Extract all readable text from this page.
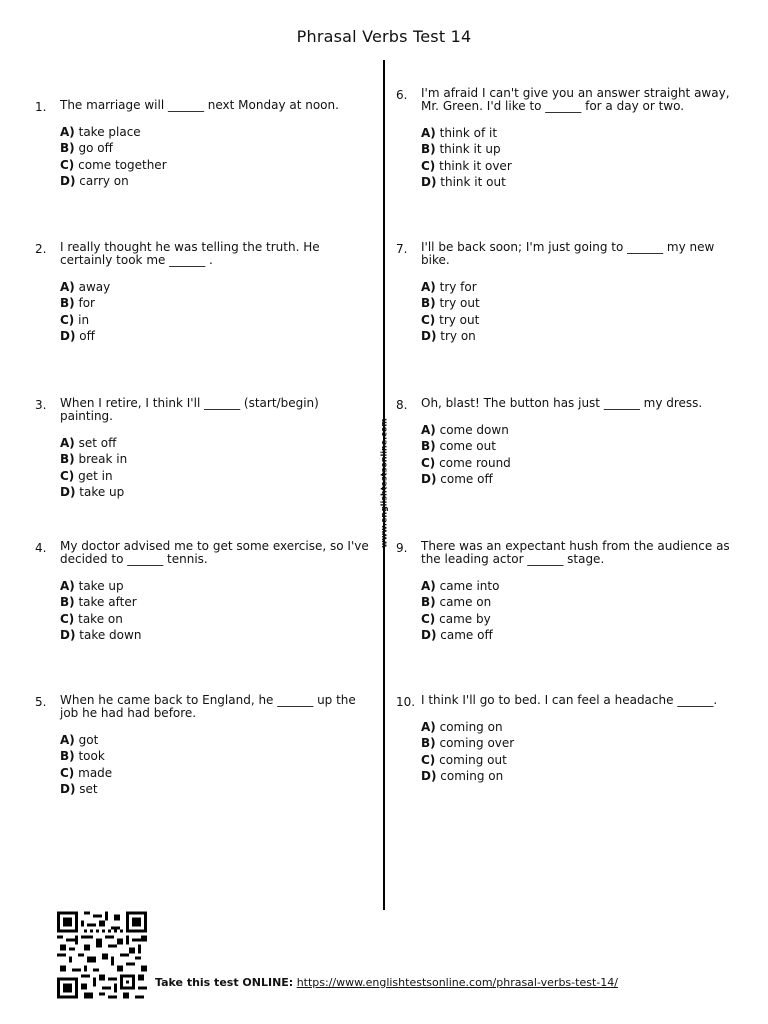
Phrasal Verbs Test 14
www.englishtestsonline.com
1. The marriage will ______ next Monday at noon.

A) take place
B) go off
C) come together
D) carry on
2. I really thought he was telling the truth. He certainly took me ______ .

A) away
B) for
C) in
D) off
3. When I retire, I think I'll ______ (start/begin) painting.

A) set off
B) break in
C) get in
D) take up
4. My doctor advised me to get some exercise, so I've decided to ______ tennis.

A) take up
B) take after
C) take on
D) take down
5. When he came back to England, he ______ up the job he had had before.

A) got
B) took
C) made
D) set
6. I'm afraid I can't give you an answer straight away, Mr. Green. I'd like to ______ for a day or two.

A) think of it
B) think it up
C) think it over
D) think it out
7. I'll be back soon; I'm just going to ______ my new bike.

A) try for
B) try out
C) try out
D) try on
8. Oh, blast! The button has just ______ my dress.

A) come down
B) come out
C) come round
D) come off
9. There was an expectant hush from the audience as the leading actor ______ stage.

A) came into
B) came on
C) came by
D) came off
10. I think I'll go to bed. I can feel a headache ______.

A) coming on
B) coming over
C) coming out
D) coming on
Take this test ONLINE: https://www.englishtestsonline.com/phrasal-verbs-test-14/
